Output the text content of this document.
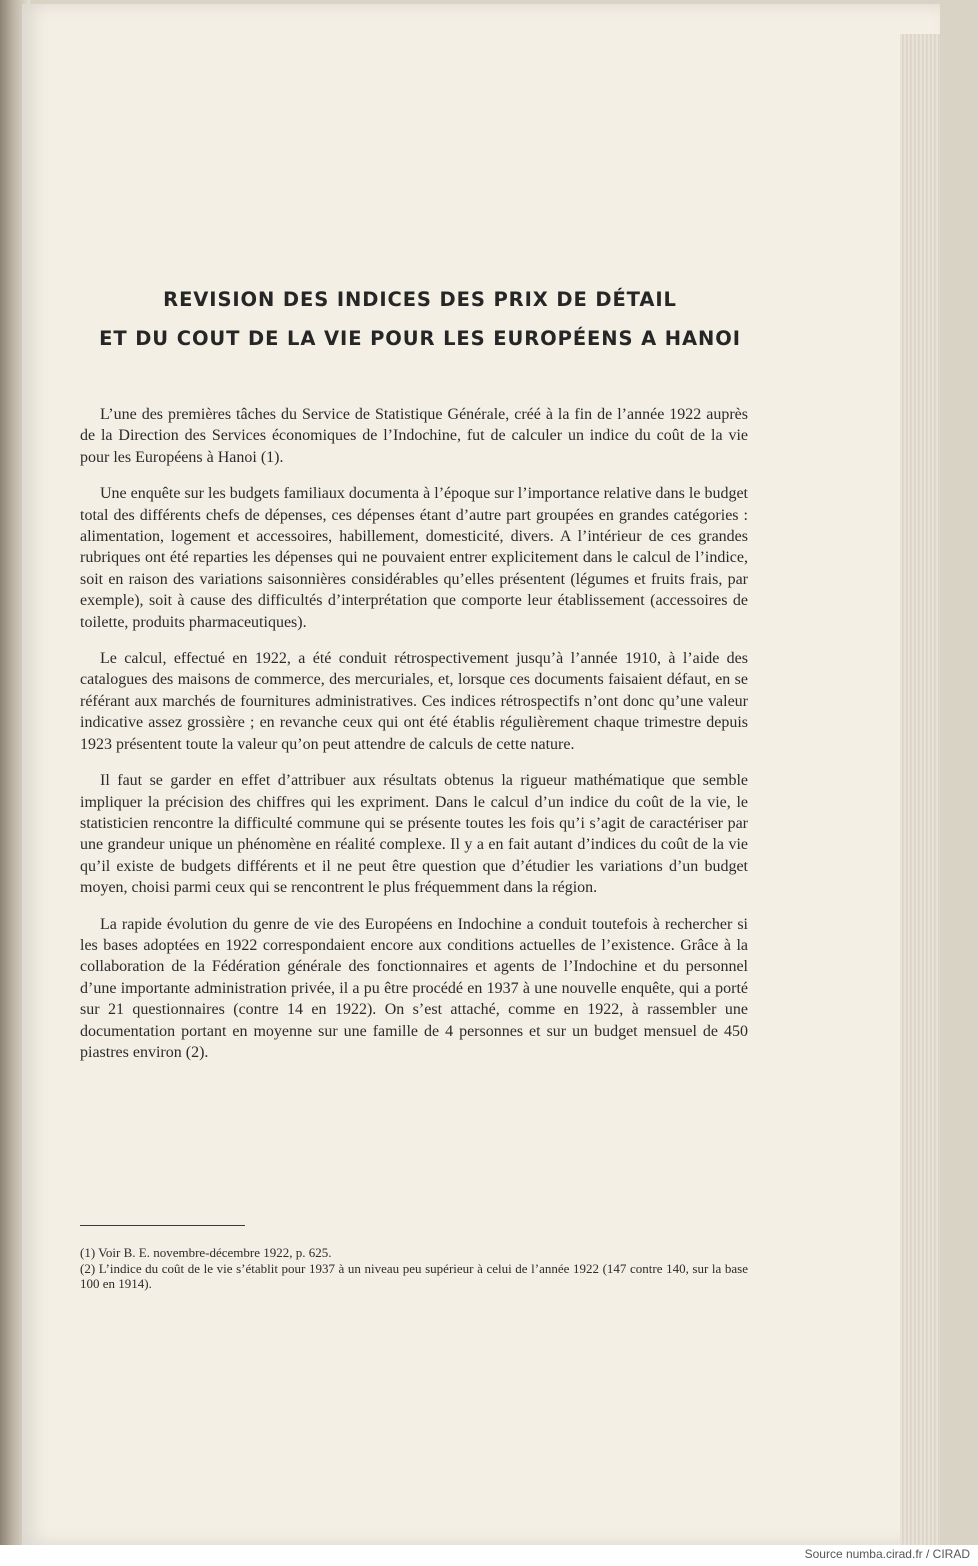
REVISION DES INDICES DES PRIX DE DÉTAIL
ET DU COUT DE LA VIE POUR LES EUROPÉENS A HANOI

L’une des premières tâches du Service de Statistique Générale, créé à la fin de l’année 1922 auprès de la Direction des Services économiques de l’Indochine, fut de calculer un indice du coût de la vie pour les Européens à Hanoi (1).

Une enquête sur les budgets familiaux documenta à l’époque sur l’importance relative dans le budget total des différents chefs de dépenses, ces dépenses étant d’autre part groupées en grandes catégories : alimentation, logement et accessoires, habillement, domesticité, divers. A l’intérieur de ces grandes rubriques ont été reparties les dépenses qui ne pouvaient entrer explicitement dans le calcul de l’indice, soit en raison des variations saisonnières considérables qu’elles présentent (légumes et fruits frais, par exemple), soit à cause des difficultés d’interprétation que comporte leur établissement (accessoires de toilette, produits pharmaceutiques).

Le calcul, effectué en 1922, a été conduit rétrospectivement jusqu’à l’année 1910, à l’aide des catalogues des maisons de commerce, des mercuriales, et, lorsque ces documents faisaient défaut, en se référant aux marchés de fournitures administratives. Ces indices rétrospectifs n’ont donc qu’une valeur indicative assez grossière ; en revanche ceux qui ont été établis régulièrement chaque trimestre depuis 1923 présentent toute la valeur qu’on peut attendre de calculs de cette nature.

Il faut se garder en effet d’attribuer aux résultats obtenus la rigueur mathématique que semble impliquer la précision des chiffres qui les expriment. Dans le calcul d’un indice du coût de la vie, le statisticien rencontre la difficulté commune qui se présente toutes les fois qu’i s’agit de caractériser par une grandeur unique un phénomène en réalité complexe. Il y a en fait autant d’indices du coût de la vie qu’il existe de budgets différents et il ne peut être question que d’étudier les variations d’un budget moyen, choisi parmi ceux qui se rencontrent le plus fréquemment dans la région.

La rapide évolution du genre de vie des Européens en Indochine a conduit toutefois à rechercher si les bases adoptées en 1922 correspondaient encore aux conditions actuelles de l’existence. Grâce à la collaboration de la Fédération générale des fonctionnaires et agents de l’Indochine et du personnel d’une importante administration privée, il a pu être procédé en 1937 à une nouvelle enquête, qui a porté sur 21 questionnaires (contre 14 en 1922). On s’est attaché, comme en 1922, à rassembler une documentation portant en moyenne sur une famille de 4 personnes et sur un budget mensuel de 450 piastres environ (2).

(1) Voir B. E. novembre-décembre 1922, p. 625.

(2) L’indice du coût de le vie s’établit pour 1937 à un niveau peu supérieur à celui de l’année 1922 (147 contre 140, sur la base 100 en 1914).

Source numba.cirad.fr / CIRAD
